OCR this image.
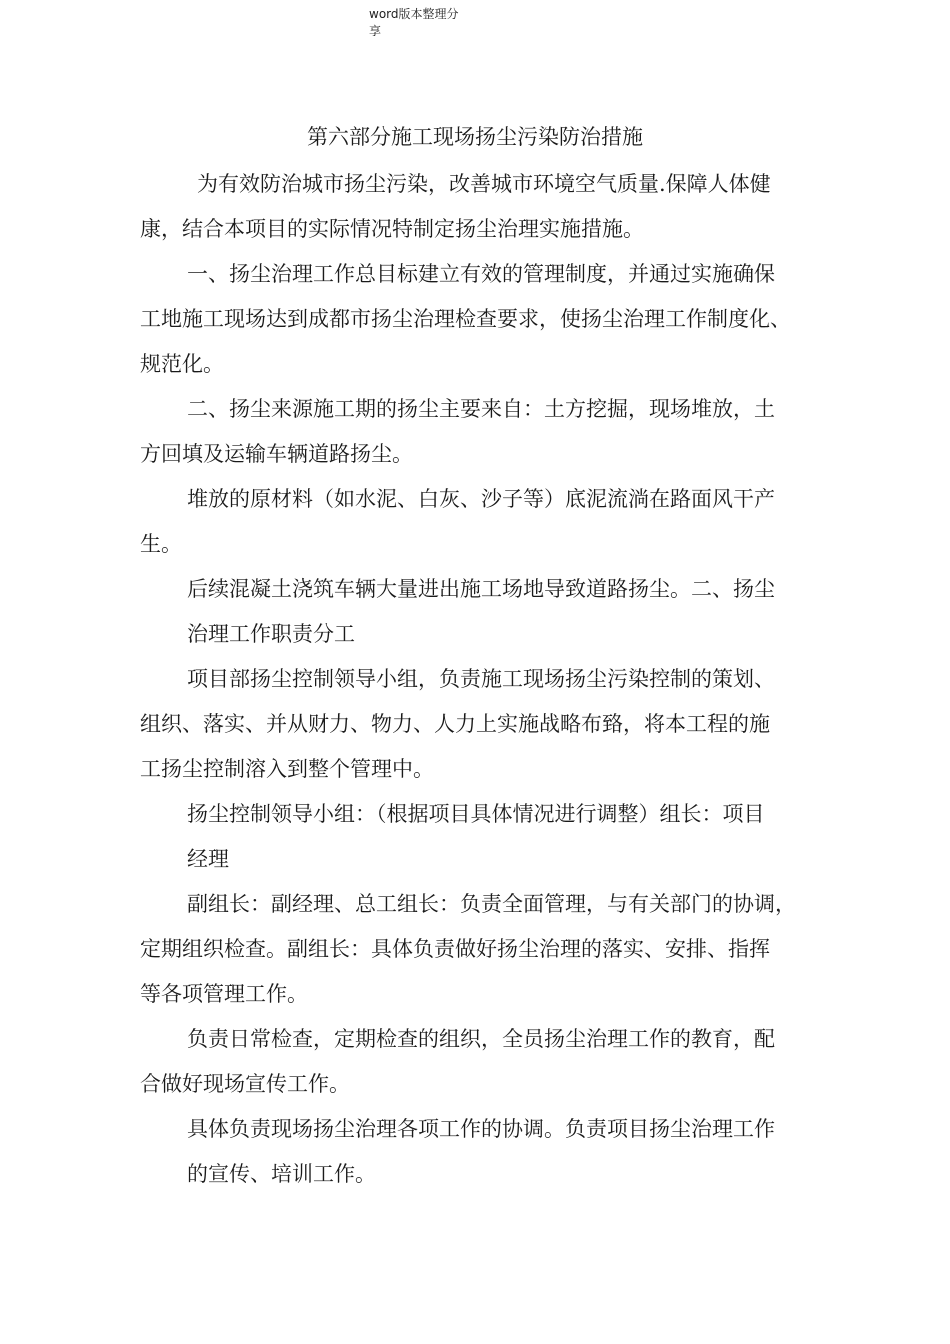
word版本整理分
享
第六部分施工现场扬尘污染防治措施
为有效防治城市扬尘污染，改善城市环境空气质量.保障人体健
康，结合本项目的实际情况特制定扬尘治理实施措施。
一、扬尘治理工作总目标建立有效的管理制度，并通过实施确保
工地施工现场达到成都市扬尘治理检查要求，使扬尘治理工作制度化、
规范化。
二、扬尘来源施工期的扬尘主要来自：土方挖掘，现场堆放，土
方回填及运输车辆道路扬尘。
堆放的原材料（如水泥、白灰、沙子等）底泥流淌在路面风干产
生。
后续混凝土浇筑车辆大量进出施工场地导致道路扬尘。二、扬尘
治理工作职责分工
项目部扬尘控制领导小组，负责施工现场扬尘污染控制的策划、
组织、落实、并从财力、物力、人力上实施战略布臵，将本工程的施
工扬尘控制溶入到整个管理中。
扬尘控制领导小组：（根据项目具体情况进行调整）组长：项目
经理
副组长：副经理、总工组长：负责全面管理，与有关部门的协调，
定期组织检查。副组长：具体负责做好扬尘治理的落实、安排、指挥
等各项管理工作。
负责日常检查，定期检查的组织，全员扬尘治理工作的教育，配
合做好现场宣传工作。
具体负责现场扬尘治理各项工作的协调。负责项目扬尘治理工作
的宣传、培训工作。
